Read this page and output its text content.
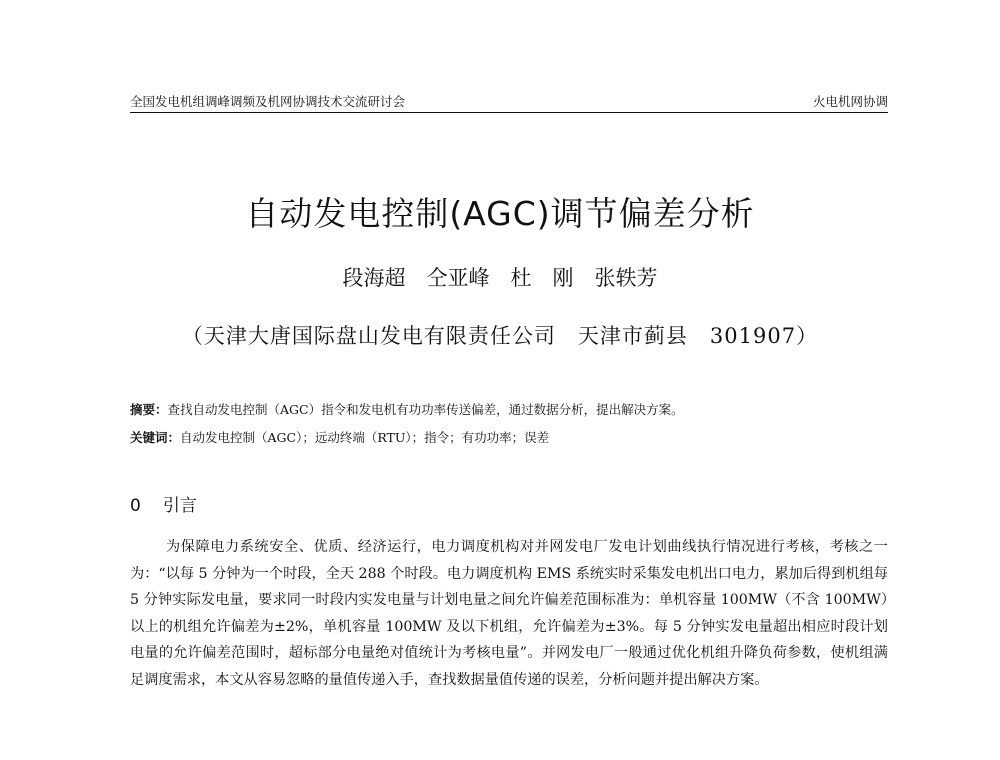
全国发电机组调峰调频及机网协调技术交流研讨会	火电机网协调
自动发电控制(AGC)调节偏差分析
段海超　仝亚峰　杜　刚　张轶芳
（天津大唐国际盘山发电有限责任公司　天津市蓟县　301907）
摘要：查找自动发电控制（AGC）指令和发电机有功功率传送偏差，通过数据分析，提出解决方案。
关键词：自动发电控制（AGC）；远动终端（RTU）；指令；有功功率；误差
0 引言
为保障电力系统安全、优质、经济运行，电力调度机构对并网发电厂发电计划曲线执行情况进行考核，考核之一为：“以每 5 分钟为一个时段，全天 288 个时段。电力调度机构 EMS 系统实时采集发电机出口电力，累加后得到机组每 5 分钟实际发电量，要求同一时段内实发电量与计划电量之间允许偏差范围标准为：单机容量 100MW（不含 100MW）以上的机组允许偏差为±2%，单机容量 100MW 及以下机组，允许偏差为±3%。每 5 分钟实发电量超出相应时段计划电量的允许偏差范围时，超标部分电量绝对值统计为考核电量”。并网发电厂一般通过优化机组升降负荷参数，使机组满足调度需求，本文从容易忽略的量值传递入手，查找数据量值传递的误差，分析问题并提出解决方案。
